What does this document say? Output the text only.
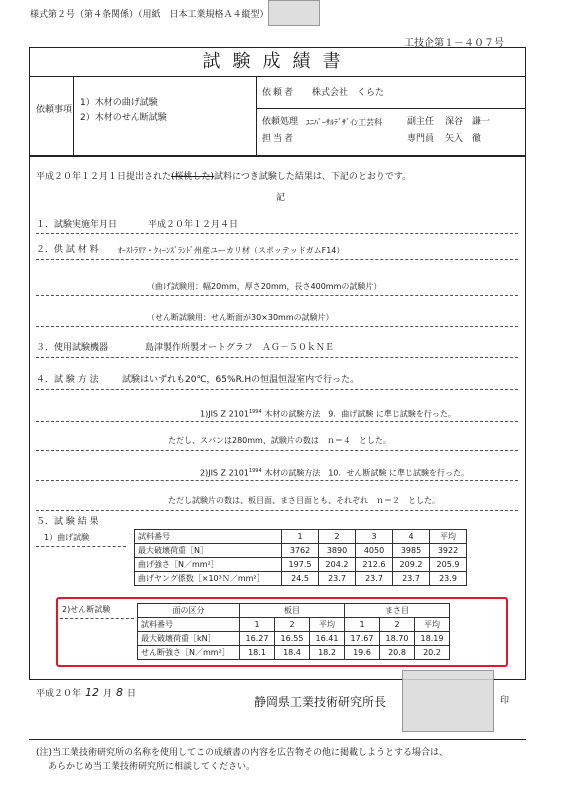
様式第２号（第４条関係）（用紙　日本工業規格Ａ４縦型）
工技企第１－４０７号
試験成績書
依頼事項
1）木材の曲げ試験
2）木材のせん断試験
依頼者 株式会社　くらた
依頼処理 ﾕﾆﾊﾞｰｻﾙﾃﾞｻﾞｲﾝ工芸科	副主任 深谷　謙一
担当者	専門員 矢入　徹
平成２０年１２月１日提出された(桜桃した)試料につき試験した結果は、下記のとおりです。
記
１．試験実施年月日	平成２０年１２月４日
２．供 試 材 料 ｵｰｽﾄﾗﾘｱ・ｸｨｰﾝｽﾞﾗﾝﾄﾞ州産ユーカリ材（スポッテッドガムF14）
（曲げ試験用：幅20mm，厚さ20mm，長さ400mmの試験片）
（せん断試験用：せん断面が30×30mmの試験片）
３．使用試験機器	島津製作所製オートグラフ　ＡＧ－５０ｋＮＥ
４．試 験 方 法	試験はいずれも20℃，65%R.Hの恒温恒湿室内で行った。
1)JIS Z $2101^{1994}$ 木材の試験方法　9．曲げ試験 に準じ試験を行った。
ただし、スパンは280mm、試験片の数は　ｎ＝４　とした。
2)JIS Z $2101^{1994}$ 木材の試験方法　10．せん断試験 に準じ試験を行った。
ただし試験片の数は、板目面、まさ目面とも、それぞれ　ｎ＝２　とした。
５．試 験 結 果
1）曲げ試験	試料番号	1	2	3	4	平均
最大破壊荷重［N］	3762	3890	4050	3985	3922
曲げ強さ［N／mm²］	197.5	204.2	212.6	209.2	205.9
曲げヤング係数［×10³Ｎ／mm²］	24.5	23.7	23.7	23.7	23.9
2)せん断試験	面の区分	板目			まさ目		
試料番号	1	2	平均	1	2	平均
最大破壊荷重［kN］	16.27	16.55	16.41	17.67	18.70	18.19
せん断強さ［N／mm²］	18.1	18.4	18.2	19.6	20.8	20.2
平成２０年 12 月 8 日
静岡県工業技術研究所長	印
(注)当工業技術研究所の名称を使用してこの成績書の内容を広告物その他に掲載しようとする場合は、
あらかじめ当工業技術研究所に相談してください。
